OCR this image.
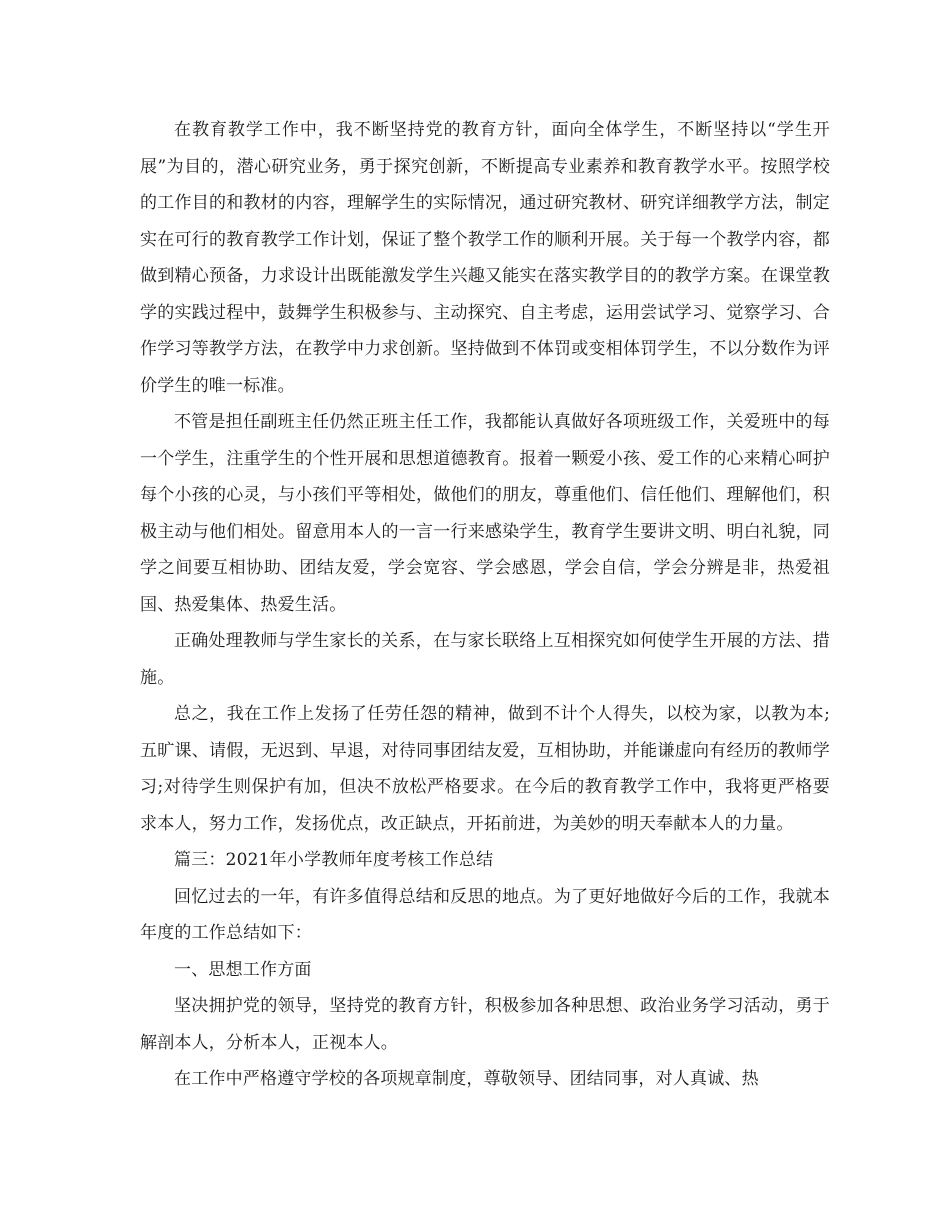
在教育教学工作中，我不断坚持党的教育方针，面向全体学生，不断坚持以“学生开展”为目的，潜心研究业务，勇于探究创新，不断提高专业素养和教育教学水平。按照学校的工作目的和教材的内容，理解学生的实际情况，通过研究教材、研究详细教学方法，制定实在可行的教育教学工作计划，保证了整个教学工作的顺利开展。关于每一个教学内容，都做到精心预备，力求设计出既能激发学生兴趣又能实在落实教学目的的教学方案。在课堂教学的实践过程中，鼓舞学生积极参与、主动探究、自主考虑，运用尝试学习、觉察学习、合作学习等教学方法，在教学中力求创新。坚持做到不体罚或变相体罚学生，不以分数作为评价学生的唯一标准。

不管是担任副班主任仍然正班主任工作，我都能认真做好各项班级工作，关爱班中的每一个学生，注重学生的个性开展和思想道德教育。报着一颗爱小孩、爱工作的心来精心呵护每个小孩的心灵，与小孩们平等相处，做他们的朋友，尊重他们、信任他们、理解他们，积极主动与他们相处。留意用本人的一言一行来感染学生，教育学生要讲文明、明白礼貌，同学之间要互相协助、团结友爱，学会宽容、学会感恩，学会自信，学会分辨是非，热爱祖国、热爱集体、热爱生活。

正确处理教师与学生家长的关系，在与家长联络上互相探究如何使学生开展的方法、措施。

总之，我在工作上发扬了任劳任怨的精神，做到不计个人得失，以校为家，以教为本;五旷课、请假，无迟到、早退，对待同事团结友爱，互相协助，并能谦虚向有经历的教师学习;对待学生则保护有加，但决不放松严格要求。在今后的教育教学工作中，我将更严格要求本人，努力工作，发扬优点，改正缺点，开拓前进，为美妙的明天奉献本人的力量。

篇三：2021年小学教师年度考核工作总结

回忆过去的一年，有许多值得总结和反思的地点。为了更好地做好今后的工作，我就本年度的工作总结如下：

一、思想工作方面

坚决拥护党的领导，坚持党的教育方针，积极参加各种思想、政治业务学习活动，勇于解剖本人，分析本人，正视本人。

在工作中严格遵守学校的各项规章制度，尊敬领导、团结同事，对人真诚、热
